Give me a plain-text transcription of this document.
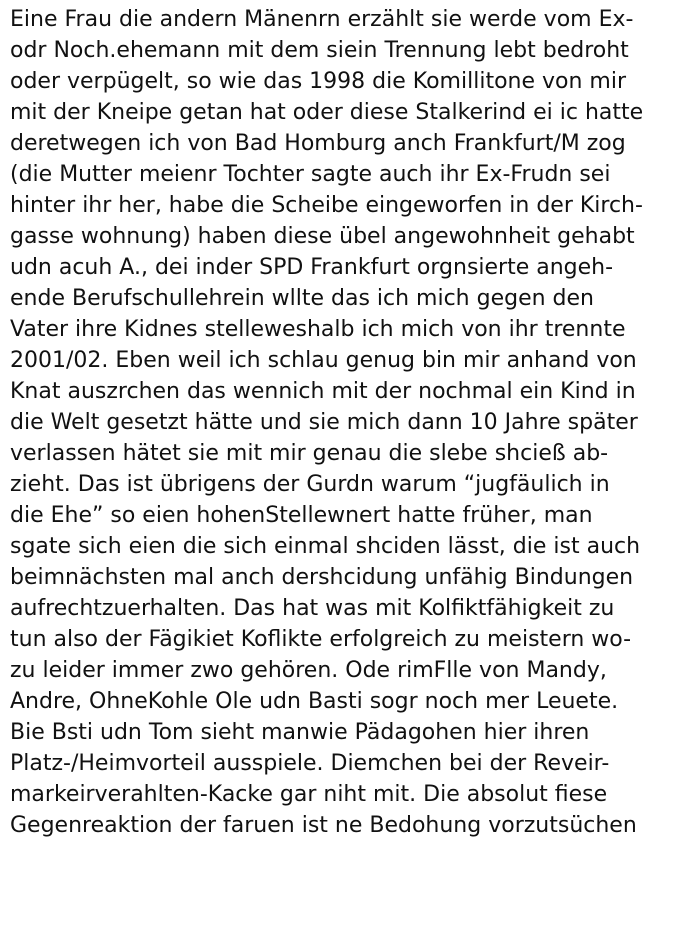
Eine Frau die andern Mänenrn erzählt sie werde vom Ex-
odr Noch.ehemann mit dem siein Trennung lebt bedroht
oder verpügelt, so wie das 1998 die Komillitone von mir
mit der Kneipe getan hat oder diese Stalkerind ei ic hatte
deretwegen ich von Bad Homburg anch Frankfurt/M zog
(die Mutter meienr Tochter sagte auch ihr Ex-Frudn sei
hinter ihr her, habe die Scheibe eingeworfen in der Kirch-
gasse wohnung) haben diese übel angewohnheit gehabt
udn acuh A., dei inder SPD Frankfurt orgnsierte angeh-
ende Berufschullehrein wllte das ich mich gegen den
Vater ihre Kidnes stelleweshalb ich mich von ihr trennte
2001/02. Eben weil ich schlau genug bin mir anhand von
Knat auszrchen das wennich mit der nochmal ein Kind in
die Welt gesetzt hätte und sie mich dann 10 Jahre später
verlassen hätet sie mit mir genau die slebe shcieß ab-
zieht. Das ist übrigens der Gurdn warum “jugfäulich in
die Ehe” so eien hohenStellewnert hatte früher, man
sgate sich eien die sich einmal shciden lässt, die ist auch
beimnächsten mal anch dershcidung unfähig Bindungen
aufrechtzuerhalten. Das hat was mit Kolfiktfähigkeit zu
tun also der Fägikiet Koflikte erfolgreich zu meistern wo-
zu leider immer zwo gehören. Ode rimFlle von Mandy,
Andre, OhneKohle Ole udn Basti sogr noch mer Leuete.
Bie Bsti udn Tom sieht manwie Pädagohen hier ihren
Platz-/Heimvorteil ausspiele. Diemchen bei der Reveir-
markeirverahlten-Kacke gar niht mit. Die absolut fiese
Gegenreaktion der faruen ist ne Bedohung vorzutsüchen
